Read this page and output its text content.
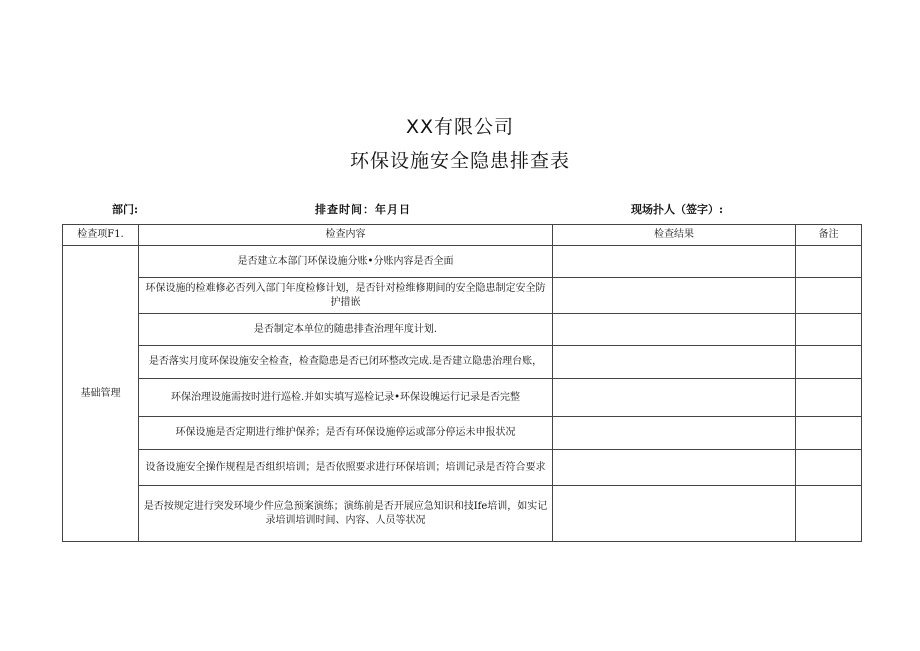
XX有限公司
环保设施安全隐患排查表
部门:	排查时间：年月日	现场扑人（签字）:
检查项F1.	检查内容	检查结果	备注
基础管理	是否建立本部门环保设施分账•分账内容是否全面		
	环保设施的检难修必否列入部门年度检修计划，是否针对检维修期间的安全隐患制定安全防护措嵌		
	是否制定本单位的随患排查治理年度计划.		
	是否落实月度环保设施安全检查，检查隐患是否已闭环整改完成.是否建立隐患治理台账，		
	环保治理设施需按时进行巡检.并如实填写巡检记录•环保设魄运行记录是否完整		
	环保设施是否定期进行维护保养；是否有环保设施停运或部分停运未申报状况		
	设备设施安全操作规程是否组织培训；是否依照要求进行环保培训；培训记录是否符合要求		
	是否按规定进行突发环境少件应急预案演练；演练前是否开展应急知识和技Ife培训，如实记录培训培训时间、内容、人员等状况		
